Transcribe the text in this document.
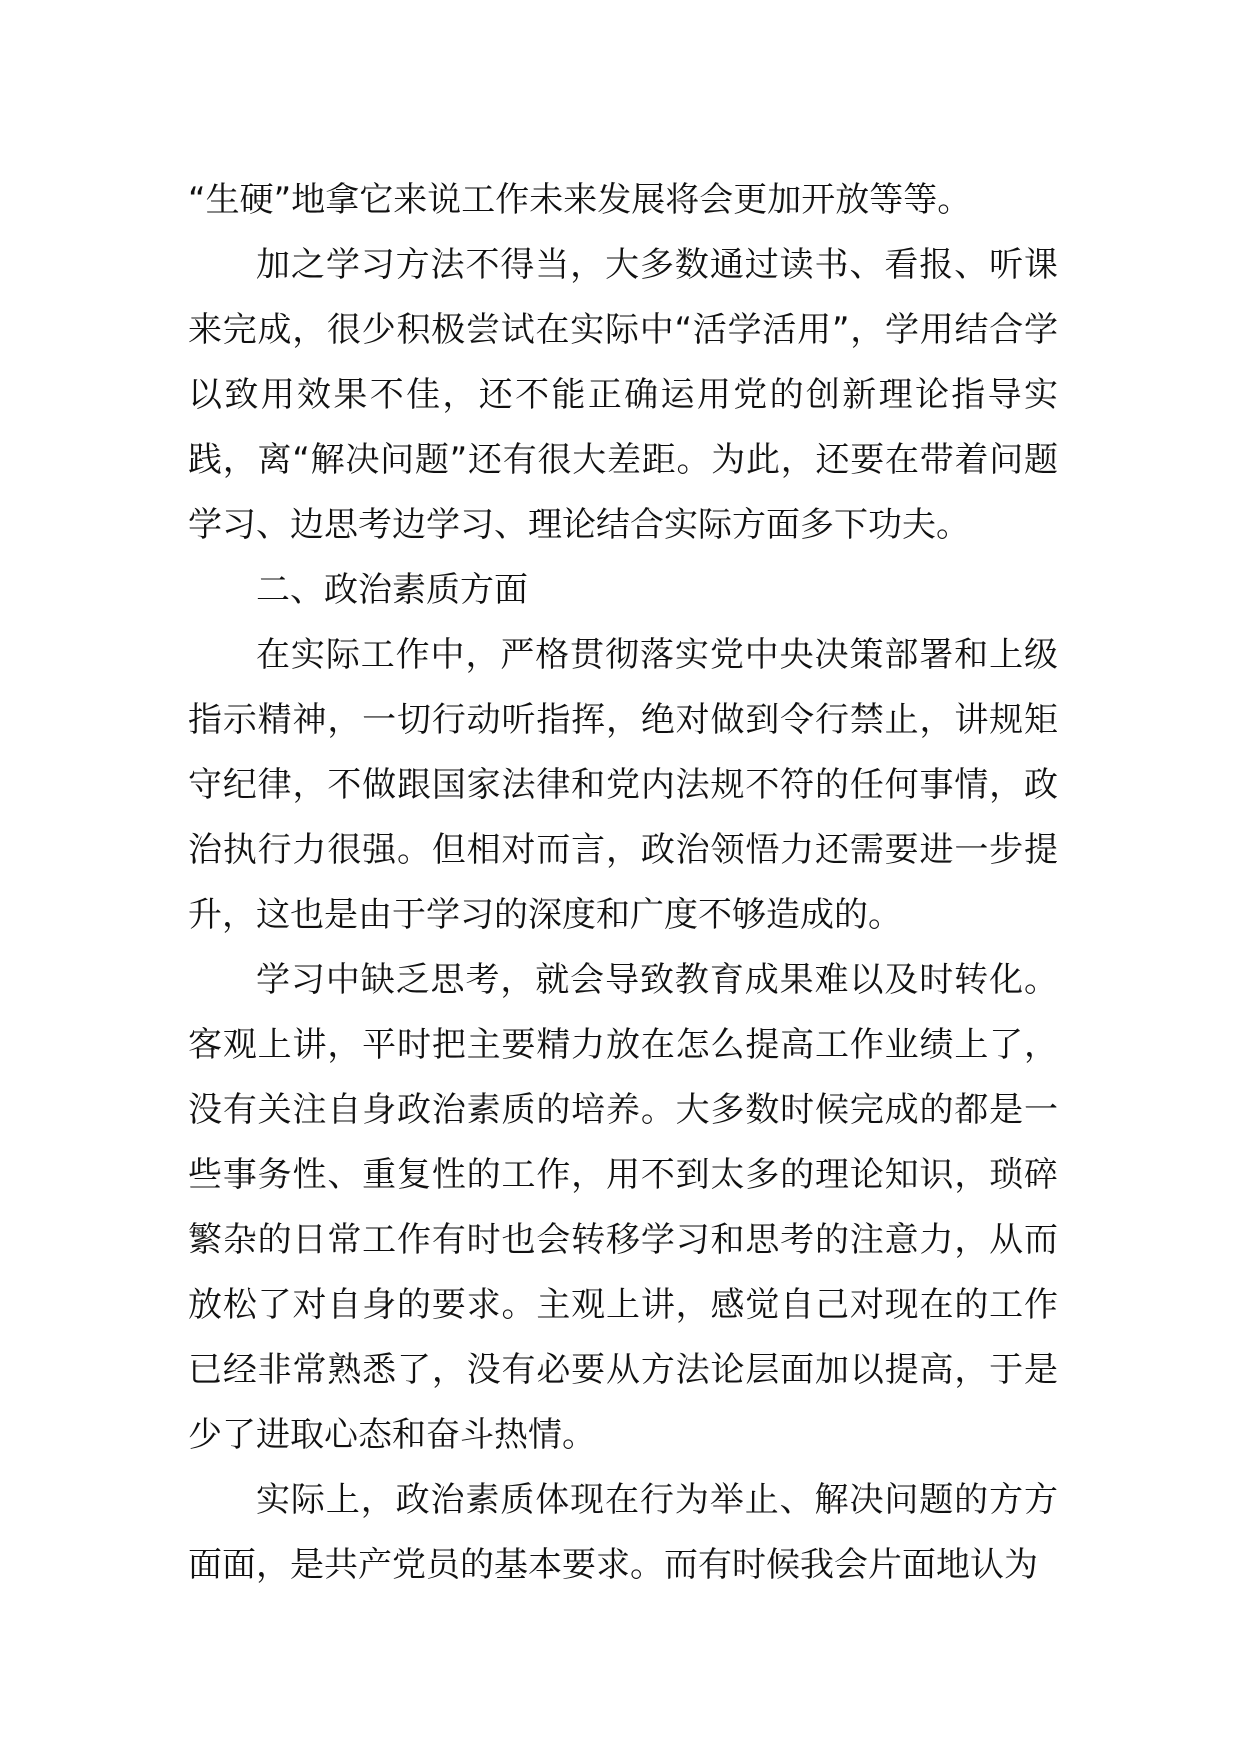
“生硬”地拿它来说工作未来发展将会更加开放等等。

加之学习方法不得当，大多数通过读书、看报、听课来完成，很少积极尝试在实际中“活学活用”，学用结合学以致用效果不佳，还不能正确运用党的创新理论指导实践，离“解决问题”还有很大差距。为此，还要在带着问题学习、边思考边学习、理论结合实际方面多下功夫。

二、政治素质方面

在实际工作中，严格贯彻落实党中央决策部署和上级指示精神，一切行动听指挥，绝对做到令行禁止，讲规矩守纪律，不做跟国家法律和党内法规不符的任何事情，政治执行力很强。但相对而言，政治领悟力还需要进一步提升，这也是由于学习的深度和广度不够造成的。

学习中缺乏思考，就会导致教育成果难以及时转化。客观上讲，平时把主要精力放在怎么提高工作业绩上了，没有关注自身政治素质的培养。大多数时候完成的都是一些事务性、重复性的工作，用不到太多的理论知识，琐碎繁杂的日常工作有时也会转移学习和思考的注意力，从而放松了对自身的要求。主观上讲，感觉自己对现在的工作已经非常熟悉了，没有必要从方法论层面加以提高，于是少了进取心态和奋斗热情。

实际上，政治素质体现在行为举止、解决问题的方方面面，是共产党员的基本要求。而有时候我会片面地认为
